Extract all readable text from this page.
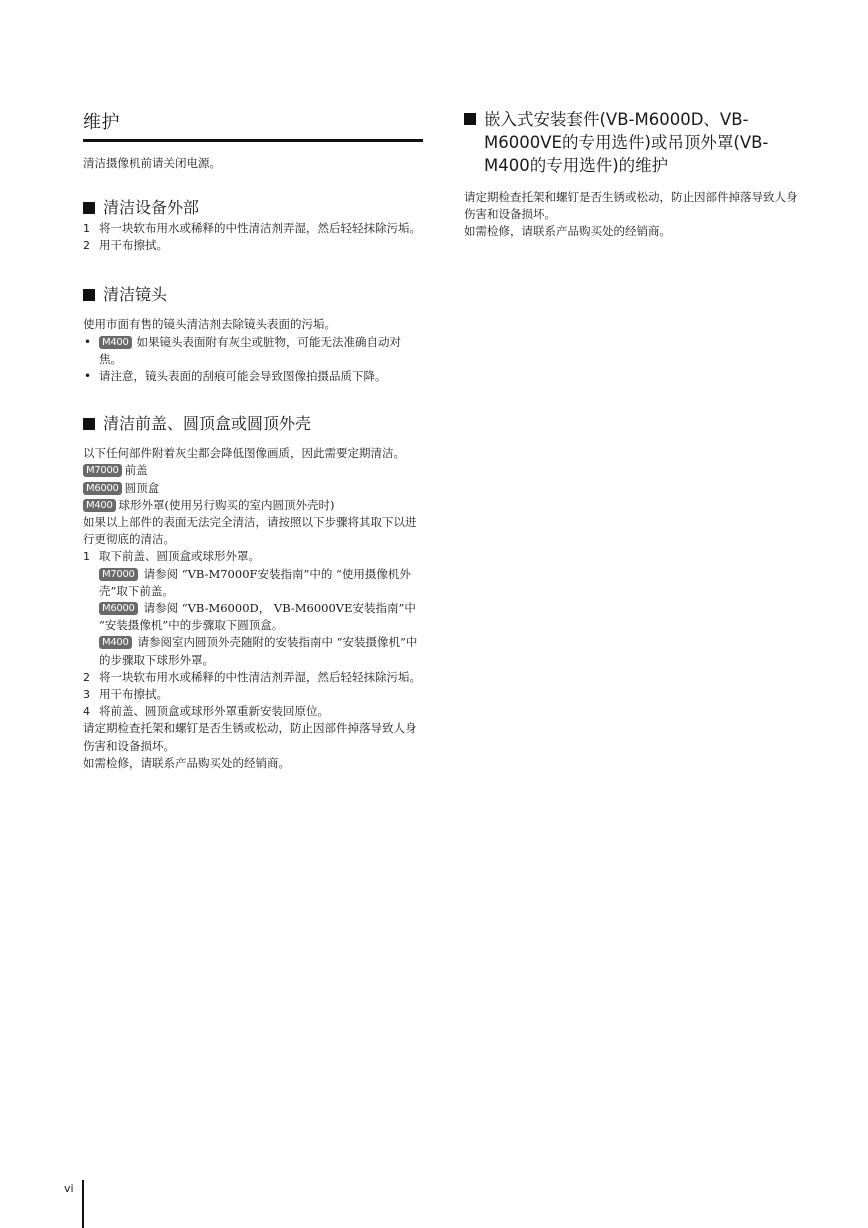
维护

清洁摄像机前请关闭电源。

清洁设备外部
1 将一块软布用水或稀释的中性清洁剂弄湿，然后轻轻抹除污垢。
2 用干布擦拭。
清洁镜头

使用市面有售的镜头清洁剂去除镜头表面的污垢。

• M400 如果镜头表面附有灰尘或脏物，可能无法准确自动对焦。
• 请注意，镜头表面的刮痕可能会导致图像拍摄品质下降。
清洁前盖、圆顶盒或圆顶外壳

以下任何部件附着灰尘都会降低图像画质，因此需要定期清洁。

M7000 前盖
M6000 圆顶盒
M400 球形外罩(使用另行购买的室内圆顶外壳时)

如果以上部件的表面无法完全清洁，请按照以下步骤将其取下以进行更彻底的清洁。

1 取下前盖、圆顶盒或球形外罩。
M7000 请参阅 “VB-M7000F安装指南”中的 “使用摄像机外壳”取下前盖。
M6000 请参阅 “VB-M6000D， VB-M6000VE安装指南”中 “安装摄像机”中的步骤取下圆顶盒。
M400 请参阅室内圆顶外壳随附的安装指南中 “安装摄像机”中的步骤取下球形外罩。
2 将一块软布用水或稀释的中性清洁剂弄湿，然后轻轻抹除污垢。
3 用干布擦拭。
4 将前盖、圆顶盒或球形外罩重新安装回原位。

请定期检查托架和螺钉是否生锈或松动，防止因部件掉落导致人身伤害和设备损坏。

如需检修，请联系产品购买处的经销商。

嵌入式安装套件(VB-M6000D、VB-M6000VE的专用选件)或吊顶外罩(VB-M400的专用选件)的维护

请定期检查托架和螺钉是否生锈或松动，防止因部件掉落导致人身伤害和设备损坏。

如需检修，请联系产品购买处的经销商。

vi
